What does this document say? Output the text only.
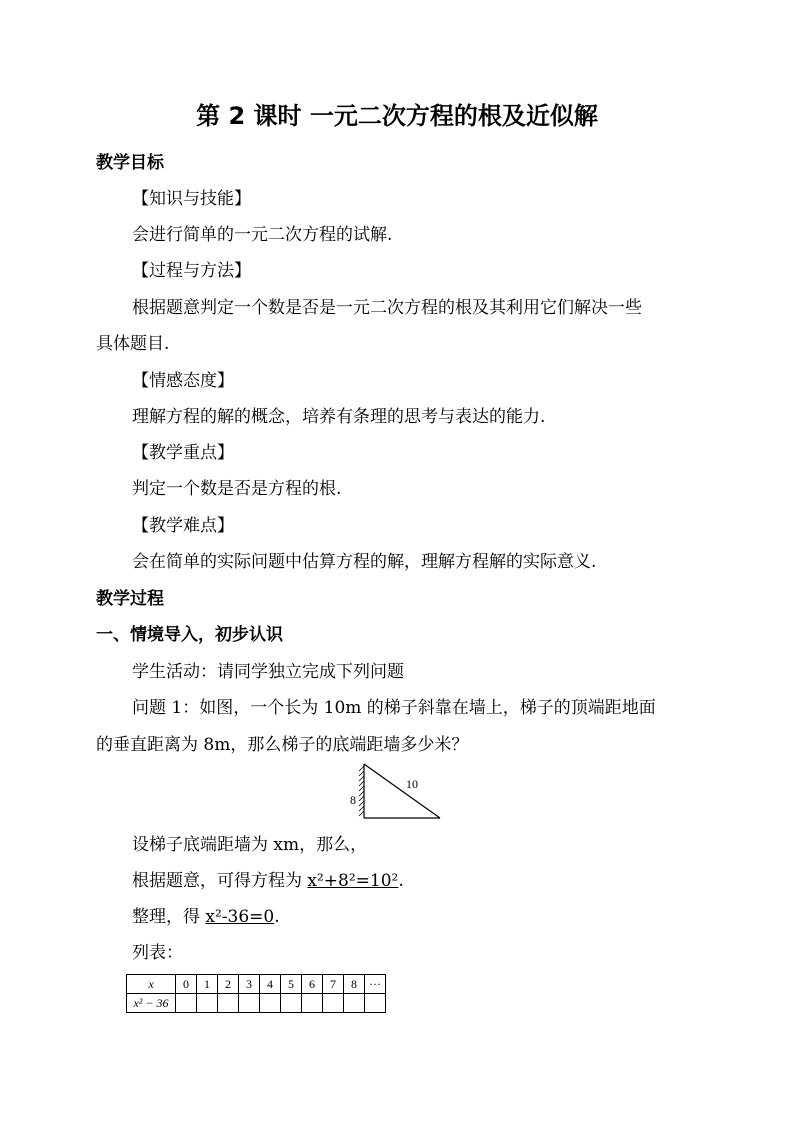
第 2 课时 一元二次方程的根及近似解
教学目标
【知识与技能】
会进行简单的一元二次方程的试解.
【过程与方法】
根据题意判定一个数是否是一元二次方程的根及其利用它们解决一些
具体题目.
【情感态度】
理解方程的解的概念，培养有条理的思考与表达的能力.
【教学重点】
判定一个数是否是方程的根.
【教学难点】
会在简单的实际问题中估算方程的解，理解方程解的实际意义.
教学过程
一、情境导入，初步认识
学生活动：请同学独立完成下列问题
问题 1：如图，一个长为 10m 的梯子斜靠在墙上，梯子的顶端距地面
的垂直距离为 8m，那么梯子的底端距墙多少米？
10
8
设梯子底端距墙为 xm，那么，
根据题意，可得方程为 x²+8²=10².
整理，得 x²-36=0.
列表：
x	0	1	2	3	4	5	6	7	8	···
x² − 36										
